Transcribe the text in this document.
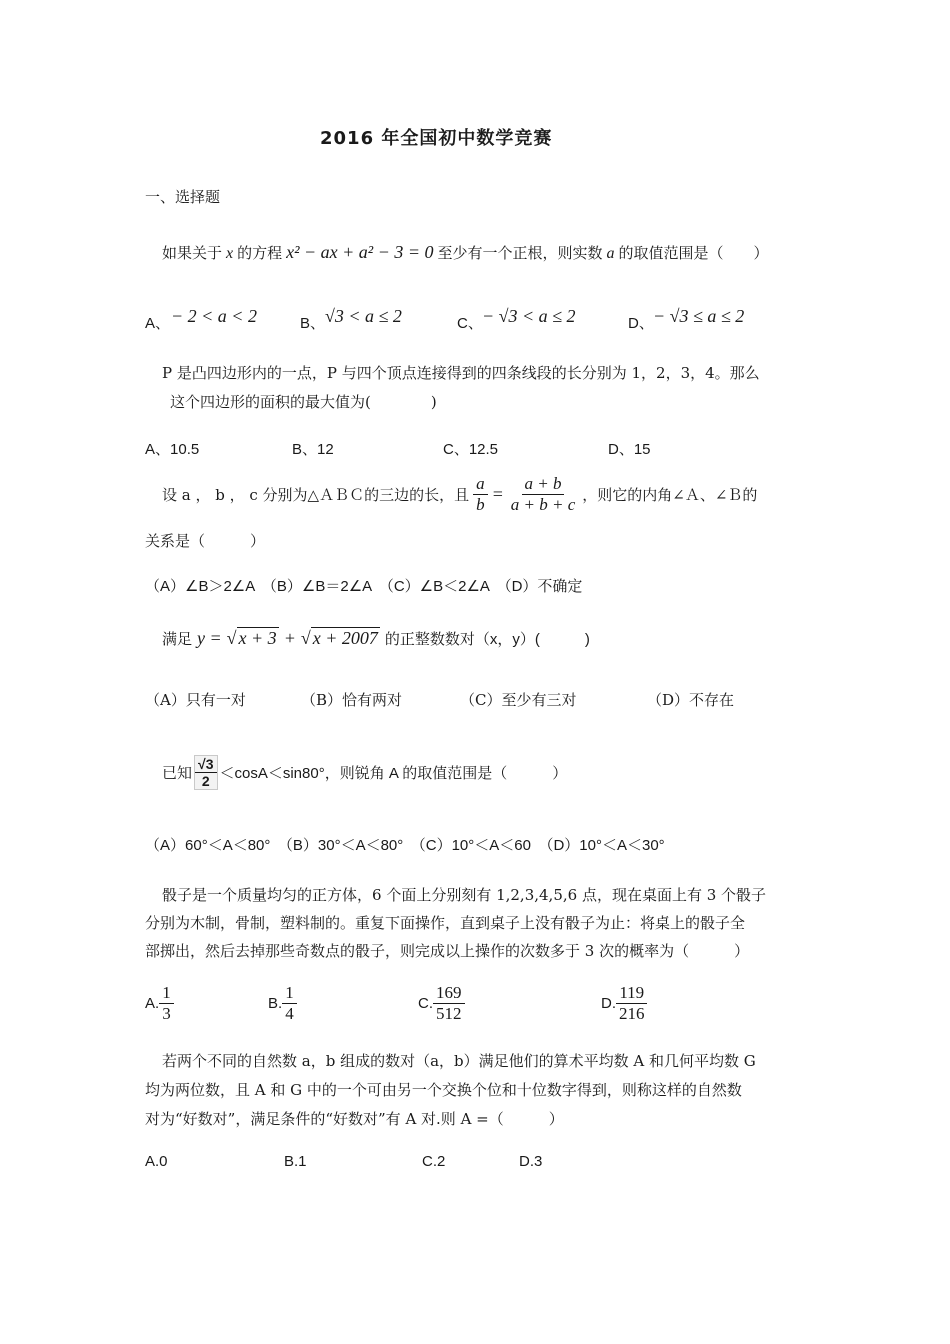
2016 年全国初中数学竞赛
一、选择题
如果关于 x 的方程 x² − ax + a² − 3 = 0 至少有一个正根，则实数 a 的取值范围是（　　）
A、 − 2 < a < 2	B、 √3 < a ≤ 2	C、 − √3 < a ≤ 2	D、 − √3 ≤ a ≤ 2
P 是凸四边形内的一点，P 与四个顶点连接得到的四条线段的长分别为 1，2，3，4。那么
这个四边形的面积的最大值为(　　　　)
A、10.5	B、12	C、12.5	D、15
设 a ， b ， c 分别为△ＡＢＣ的三边的长，且 $\frac{a}{b} = \frac{a + b}{a + b + c}$ ，则它的内角∠Ａ、∠Ｂ的
关系是（　　　）
（A）∠B＞2∠A　（B）∠B＝2∠A　（C）∠B＜2∠A　（D）不确定
满足 y = √ x + 3 + √ x + 2007 的正整数数对（x，y）(　　　)
（A）只有一对	（B）恰有两对	（C）至少有三对	（D）不存在
已知 $\frac{√3}{2} <\cos A<\sin 80^\circ$，则锐角 A 的取值范围是（　　　）
（A）60°＜A＜80°　（B）30°＜A＜80°　（C）10°＜A＜60　（D）10°＜A＜30°
骰子是一个质量均匀的正方体，6 个面上分别刻有 1,2,3,4,5,6 点，现在桌面上有 3 个骰子
分别为木制，骨制，塑料制的。重复下面操作，直到桌子上没有骰子为止：将桌上的骰子全
部掷出，然后去掉那些奇数点的骰子，则完成以上操作的次数多于 3 次的概率为（　　　）
A. $\frac{1}{3}$	B. $\frac{1}{4}$	C. $\frac{169}{512}$	D. $\frac{119}{216}$
若两个不同的自然数 a，b 组成的数对（a，b）满足他们的算术平均数 A 和几何平均数 G
均为两位数，且 A 和 G 中的一个可由另一个交换个位和十位数字得到，则称这样的自然数
对为“好数对”，满足条件的“好数对”有 A 对.则 A =（　　　）
A.0	B.1	C.2	D.3
